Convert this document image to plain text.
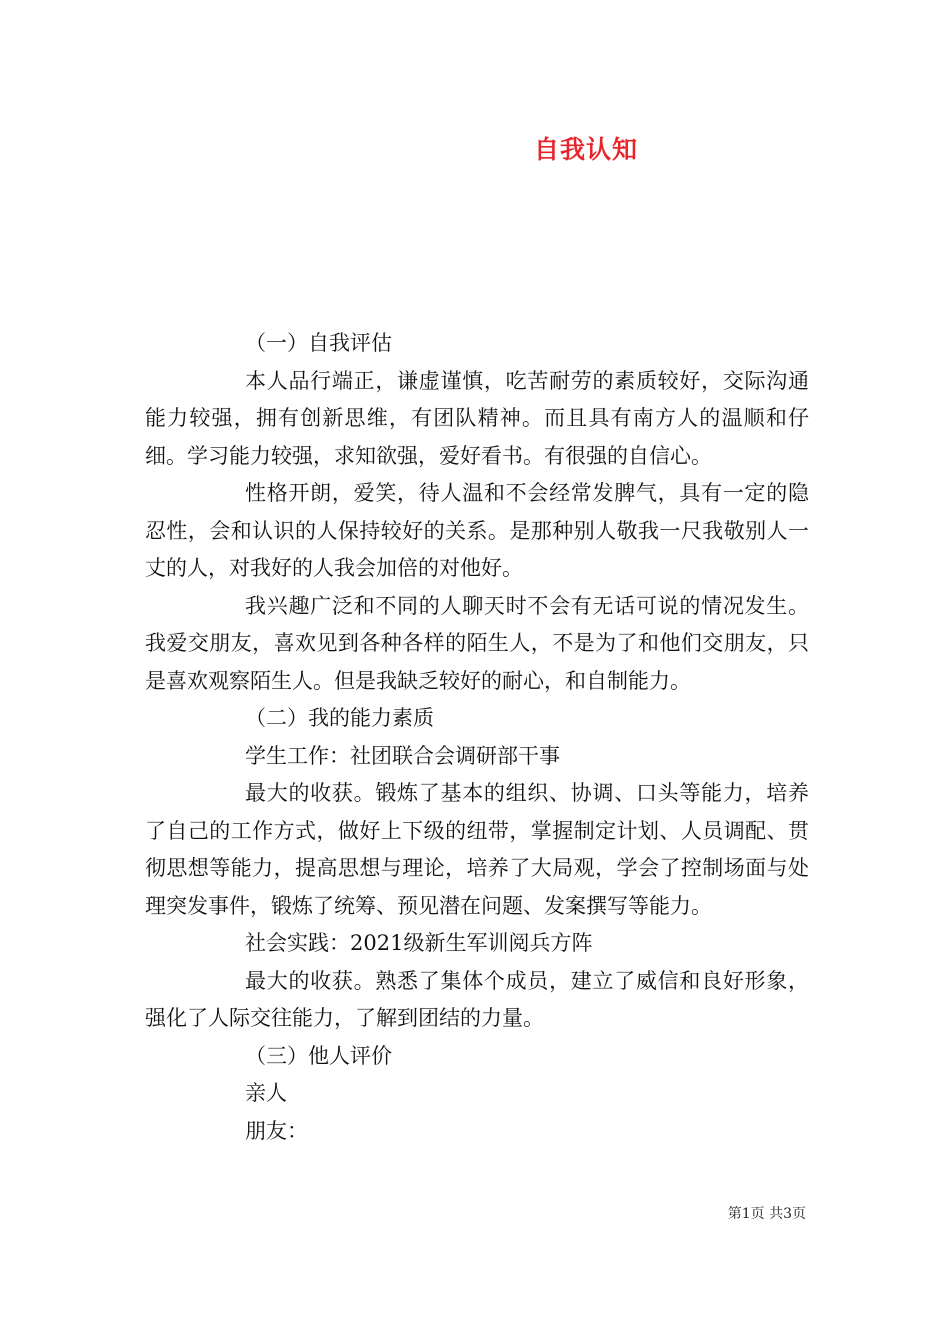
自我认知

（一）自我评估

本人品行端正，谦虚谨慎，吃苦耐劳的素质较好，交际沟通能力较强，拥有创新思维，有团队精神。而且具有南方人的温顺和仔细。学习能力较强，求知欲强，爱好看书。有很强的自信心。

性格开朗，爱笑，待人温和不会经常发脾气，具有一定的隐忍性，会和认识的人保持较好的关系。是那种别人敬我一尺我敬别人一丈的人，对我好的人我会加倍的对他好。

我兴趣广泛和不同的人聊天时不会有无话可说的情况发生。我爱交朋友，喜欢见到各种各样的陌生人，不是为了和他们交朋友，只是喜欢观察陌生人。但是我缺乏较好的耐心，和自制能力。

（二）我的能力素质

学生工作：社团联合会调研部干事

最大的收获。锻炼了基本的组织、协调、口头等能力，培养了自己的工作方式，做好上下级的纽带，掌握制定计划、人员调配、贯彻思想等能力，提高思想与理论，培养了大局观，学会了控制场面与处理突发事件，锻炼了统筹、预见潜在问题、发案撰写等能力。

社会实践：2021级新生军训阅兵方阵

最大的收获。熟悉了集体个成员，建立了威信和良好形象，强化了人际交往能力，了解到团结的力量。

（三）他人评价

亲人

朋友：

第1页 共3页
